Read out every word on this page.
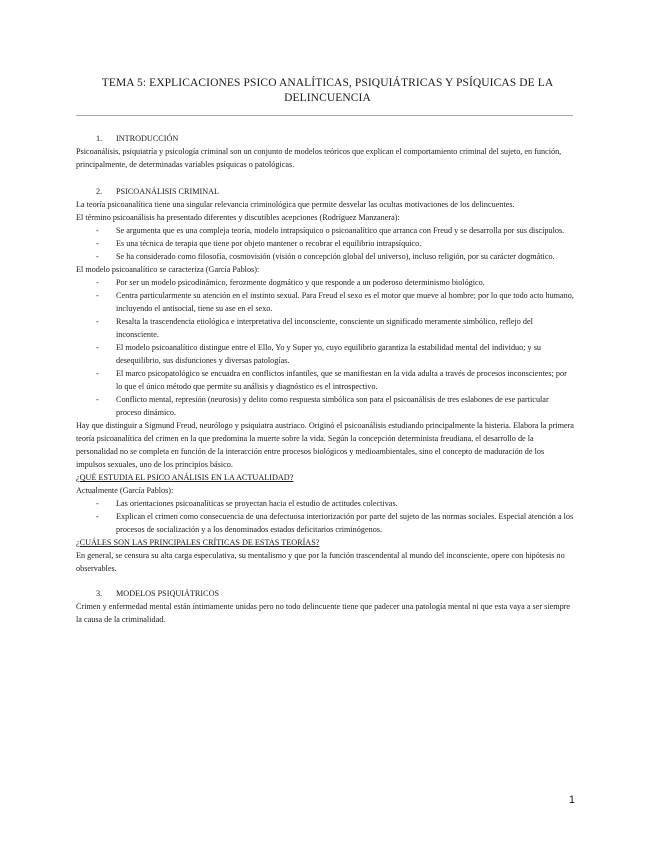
TEMA 5: EXPLICACIONES PSICO ANALÍTICAS, PSIQUIÁTRICAS Y PSÍQUICAS DE LA DELINCUENCIA
1. INTRODUCCIÓN

Psicoanálisis, psiquiatría y psicología criminal son un conjunto de modelos teóricos que explican el comportamiento criminal del sujeto, en función, principalmente, de determinadas variables psíquicas o patológicas.

2. PSICOANÁLISIS CRIMINAL

La teoría psicoanalítica tiene una singular relevancia criminológica que permite desvelar las ocultas motivaciones de los delincuentes.

El término psicoanálisis ha presentado diferentes y discutibles acepciones (Rodríguez Manzanera):

- Se argumenta que es una compleja teoría, modelo intrapsíquico o psicoanalítico que arranca con Freud y se desarrolla por sus discípulos.
- Es una técnica de terapia que tiene por objeto mantener o recobrar el equilibrio intrapsíquico.
- Se ha considerado como filosofía, cosmovisión (visión o concepción global del universo), incluso religión, por su carácter dogmático.

El modelo psicoanalítico se caracteriza (García Pablos):

- Por ser un modelo psicodinámico, ferozmente dogmático y que responde a un poderoso determinismo biológico.
- Centra particularmente su atención en el instinto sexual. Para Freud el sexo es el motor que mueve al hombre; por lo que todo acto humano, incluyendo el antisocial, tiene su ase en el sexo.
- Resalta la trascendencia etiológica e interpretativa del inconsciente, consciente un significado meramente simbólico, reflejo del inconsciente.
- El modelo psicoanalítico distingue entre el Ello, Yo y Super yo, cuyo equilibrio garantiza la estabilidad mental del individuo; y su desequilibrio, sus disfunciones y diversas patologías.
- El marco psicopatológico se encuadra en conflictos infantiles, que se manifiestan en la vida adulta a través de procesos inconscientes; por lo que el único método que permite su análisis y diagnóstico es el introspectivo.
- Conflicto mental, represión (neurosis) y delito como respuesta simbólica son para el psicoanálisis de tres eslabones de ese particular proceso dinámico.

Hay que distinguir a Sigmund Freud, neurólogo y psiquiatra austriaco. Originó el psicoanálisis estudiando principalmente la histeria. Elabora la primera teoría psicoanalítica del crimen en la que predomina la muerte sobre la vida. Según la concepción determinista freudiana, el desarrollo de la personalidad no se completa en función de la interacción entre procesos biológicos y medioambientales, sino el concepto de maduración de los impulsos sexuales, uno de los principios básico.

¿QUÉ ESTUDIA EL PSICO ANÁLISIS EN LA ACTUALIDAD?

Actualmente (García Pablos):

- Las orientaciones psicoanalíticas se proyectan hacia el estudio de actitudes colectivas.
- Explican el crimen como consecuencia de una defectuosa interiorización por parte del sujeto de las normas sociales. Especial atención a los procesos de socialización y a los denominados estados deficitarios criminógenos.

¿CUÁLES SON LAS PRINCIPALES CRÍTICAS DE ESTAS TEORÍAS?

En general, se censura su alta carga especulativa, su mentalismo y que por la función trascendental al mundo del inconsciente, opere con hipótesis no observables.

3. MODELOS PSIQUIÁTRICOS

Crimen y enfermedad mental están íntimamente unidas pero no todo delincuente tiene que padecer una patología mental ni que esta vaya a ser siempre la causa de la criminalidad.

1
